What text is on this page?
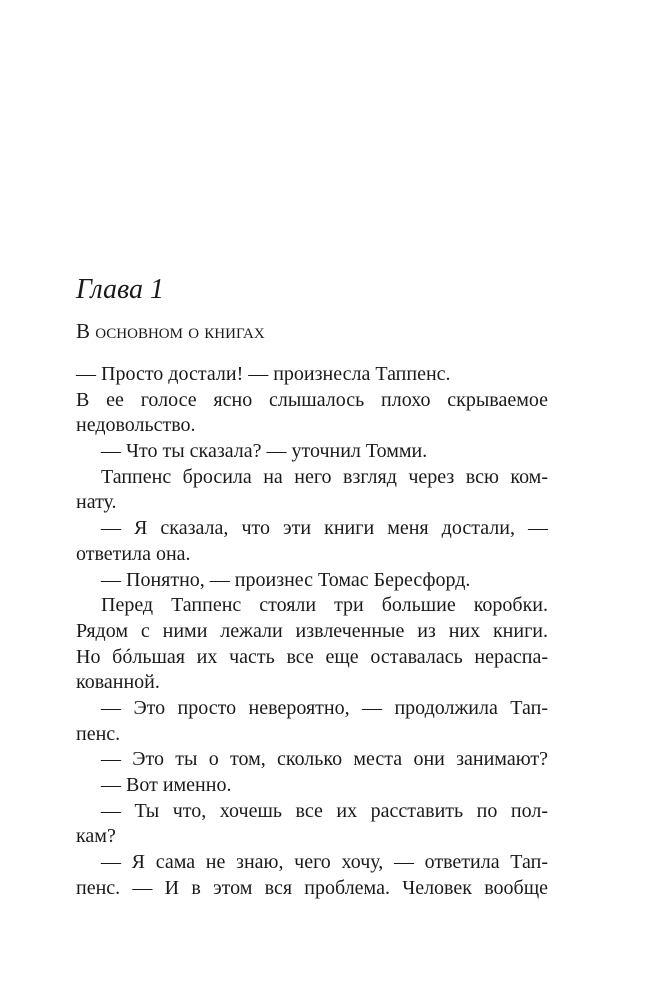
Глава 1
В основном о книгах
— Просто достали! — произнесла Таппенс.
В ее голосе ясно слышалось плохо скрываемое
недовольство.
— Что ты сказала? — уточнил Томми.
Таппенс бросила на него взгляд через всю ком-
нату.
— Я сказала, что эти книги меня достали, —
ответила она.
— Понятно, — произнес Томас Бересфорд.
Перед Таппенс стояли три большие коробки.
Рядом с ними лежали извлеченные из них книги.
Но бóльшая их часть все еще оставалась нераспа-
кованной.
— Это просто невероятно, — продолжила Тап-
пенс.
— Это ты о том, сколько места они занимают?
— Вот именно.
— Ты что, хочешь все их расставить по пол-
кам?
— Я сама не знаю, чего хочу, — ответила Тап-
пенс. — И в этом вся проблема. Человек вообще
